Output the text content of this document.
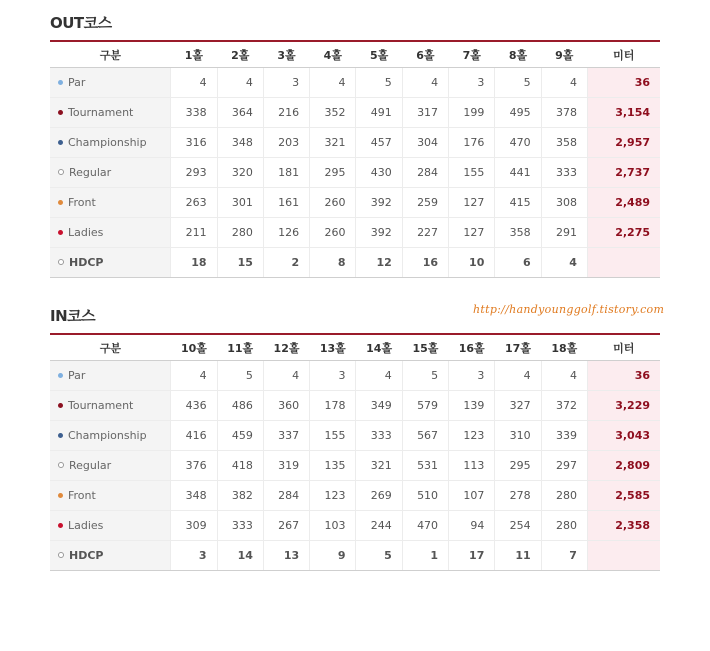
OUT코스
구분	1홀	2홀	3홀	4홀	5홀	6홀	7홀	8홀	9홀	미터
Par	4	4	3	4	5	4	3	5	4	36
Tournament	338	364	216	352	491	317	199	495	378	3,154
Championship	316	348	203	321	457	304	176	470	358	2,957
Regular	293	320	181	295	430	284	155	441	333	2,737
Front	263	301	161	260	392	259	127	415	308	2,489
Ladies	211	280	126	260	392	227	127	358	291	2,275
HDCP	18	15	2	8	12	16	10	6	4	
http://handyounggolf.tistory.com
IN코스
구분	10홀	11홀	12홀	13홀	14홀	15홀	16홀	17홀	18홀	미터
Par	4	5	4	3	4	5	3	4	4	36
Tournament	436	486	360	178	349	579	139	327	372	3,229
Championship	416	459	337	155	333	567	123	310	339	3,043
Regular	376	418	319	135	321	531	113	295	297	2,809
Front	348	382	284	123	269	510	107	278	280	2,585
Ladies	309	333	267	103	244	470	94	254	280	2,358
HDCP	3	14	13	9	5	1	17	11	7	
